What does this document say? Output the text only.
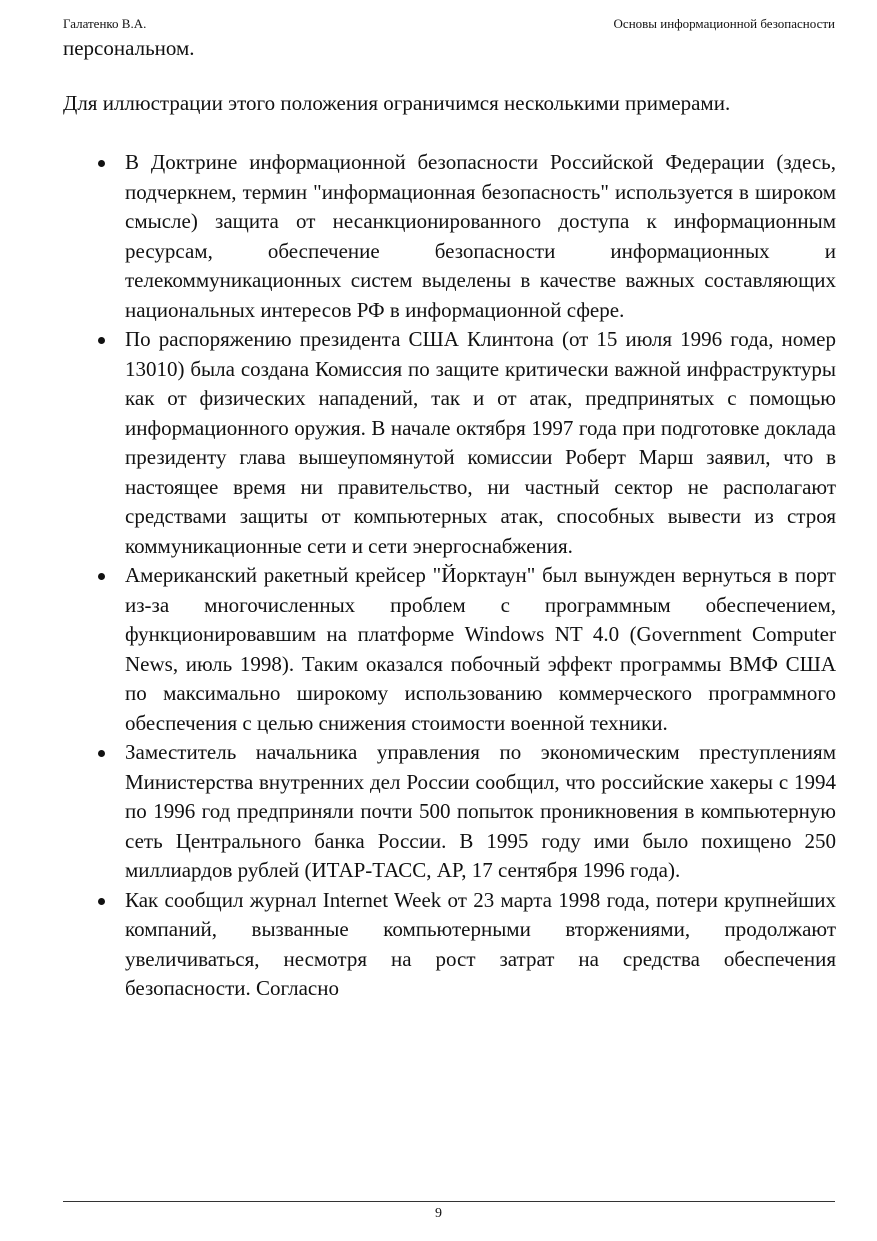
Галатенко В.А.	Основы информационной безопасности

персональном.

Для иллюстрации этого положения ограничимся несколькими примерами.

В Доктрине информационной безопасности Российской Федерации (здесь, подчеркнем, термин "информационная безопасность" используется в широком смысле) защита от несанкционированного доступа к информационным ресурсам, обеспечение безопасности информационных и телекоммуникационных систем выделены в качестве важных составляющих национальных интересов РФ в информационной сфере.
По распоряжению президента США Клинтона (от 15 июля 1996 года, номер 13010) была создана Комиссия по защите критически важной инфраструктуры как от физических нападений, так и от атак, предпринятых с помощью информационного оружия. В начале октября 1997 года при подготовке доклада президенту глава вышеупомянутой комиссии Роберт Марш заявил, что в настоящее время ни правительство, ни частный сектор не располагают средствами защиты от компьютерных атак, способных вывести из строя коммуникационные сети и сети энергоснабжения.
Американский ракетный крейсер "Йорктаун" был вынужден вернуться в порт из-за многочисленных проблем с программным обеспечением, функционировавшим на платформе Windows NT 4.0 (Government Computer News, июль 1998). Таким оказался побочный эффект программы ВМФ США по максимально широкому использованию коммерческого программного обеспечения с целью снижения стоимости военной техники.
Заместитель начальника управления по экономическим преступлениям Министерства внутренних дел России сообщил, что российские хакеры с 1994 по 1996 год предприняли почти 500 попыток проникновения в компьютерную сеть Центрального банка России. В 1995 году ими было похищено 250 миллиардов рублей (ИТАР-ТАСС, AP, 17 сентября 1996 года).
Как сообщил журнал Internet Week от 23 марта 1998 года, потери крупнейших компаний, вызванные компьютерными вторжениями, продолжают увеличиваться, несмотря на рост затрат на средства обеспечения безопасности. Согласно
9
